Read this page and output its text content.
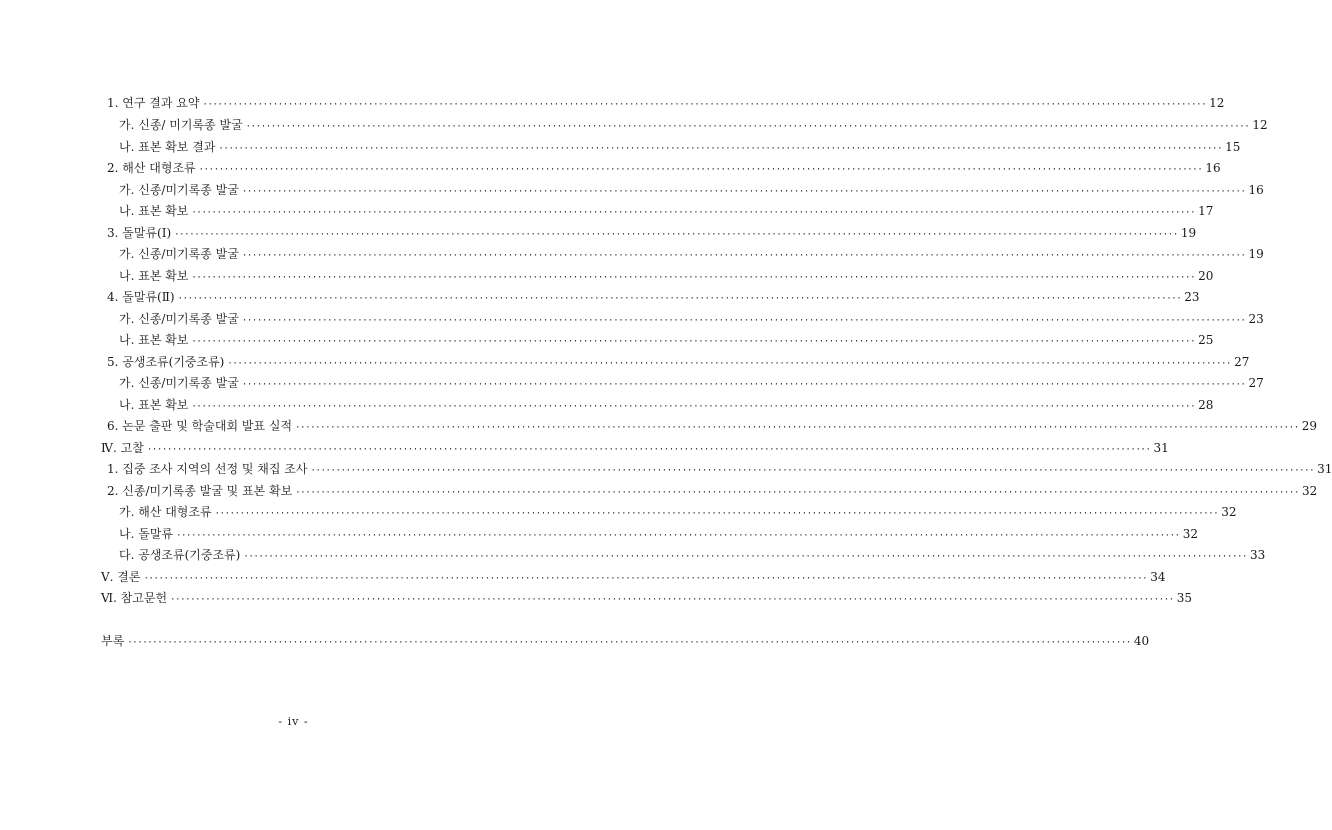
1. 연구 결과 요약 ········································································································································································································ 12
가. 신종/ 미기록종 발굴 ········································································································································································································ 12
나. 표본 확보 결과 ········································································································································································································ 15
2. 해산 대형조류 ········································································································································································································ 16
가. 신종/미기록종 발굴 ········································································································································································································ 16
나. 표본 확보 ········································································································································································································ 17
3. 돌말류(Ⅰ) ········································································································································································································ 19
가. 신종/미기록종 발굴 ········································································································································································································ 19
나. 표본 확보 ········································································································································································································ 20
4. 돌말류(Ⅱ) ········································································································································································································ 23
가. 신종/미기록종 발굴 ········································································································································································································ 23
나. 표본 확보 ········································································································································································································ 25
5. 공생조류(기중조류) ········································································································································································································ 27
가. 신종/미기록종 발굴 ········································································································································································································ 27
나. 표본 확보 ········································································································································································································ 28
6. 논문 출판 및 학술대회 발표 실적 ········································································································································································································ 29
Ⅳ. 고찰 ········································································································································································································ 31
1. 집중 조사 지역의 선정 및 채집 조사 ········································································································································································································ 31
2. 신종/미기록종 발굴 및 표본 확보 ········································································································································································································ 32
가. 해산 대형조류 ········································································································································································································ 32
나. 돌말류 ········································································································································································································ 32
다. 공생조류(기중조류) ········································································································································································································ 33
Ⅴ. 결론 ········································································································································································································ 34
Ⅵ. 참고문헌 ········································································································································································································ 35
부록 ········································································································································································································ 40
- iv -
